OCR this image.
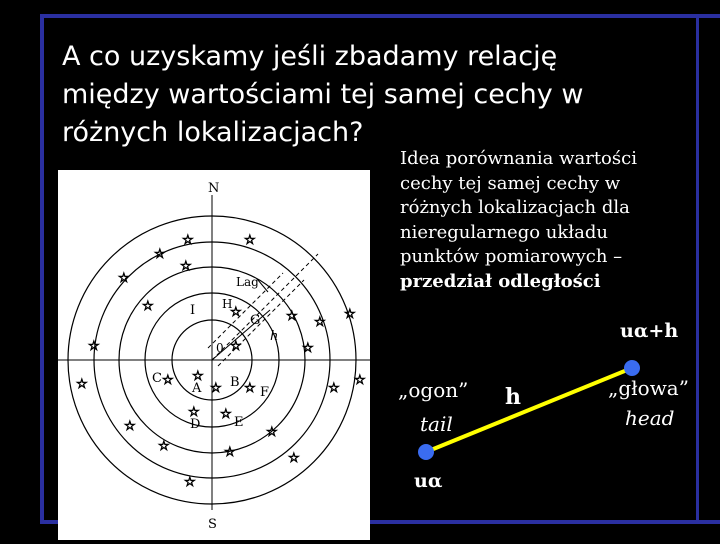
A co uzyskamy jeśli zbadamy relację
między wartościami tej samej cechy w
różnych lokalizacjach?
Idea porównania wartości
cechy tej samej cechy w
różnych lokalizacjach dla
nieregularnego układu
punktów pomiarowych –
przedział odległości
☆
☆	☆
☆
☆
☆	☆	☆ ☆
☆
☆	☆	☆
☆
☆
☆ ☆	☆
☆	☆
☆ ☆
☆	☆
☆
☆
☆
☆
N
S
0
Lag
h
H
I
G
C
A B
F
D	E
uα+h
uα
h
„ogon”
tail
„głowa”
head
